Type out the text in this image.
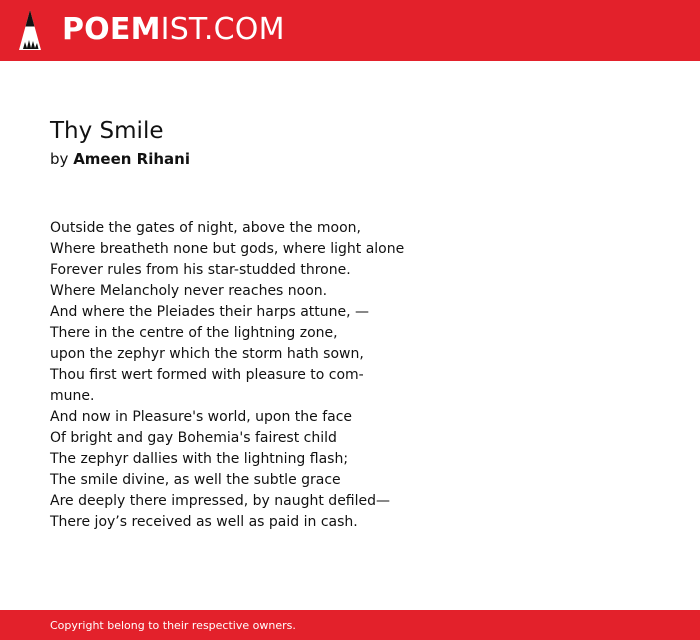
POEMIST.COM
Thy Smile

by Ameen Rihani

Outside the gates of night, above the moon,
Where breatheth none but gods, where light alone
Forever rules from his star-studded throne.
Where Melancholy never reaches noon.
And where the Pleiades their harps attune, —
There in the centre of the lightning zone,
upon the zephyr which the storm hath sown,
Thou first wert formed with pleasure to com-
mune.
And now in Pleasure's world, upon the face
Of bright and gay Bohemia's fairest child
The zephyr dallies with the lightning flash;
The smile divine, as well the subtle grace
Are deeply there impressed, by naught defiled—
There joy’s received as well as paid in cash.
Copyright belong to their respective owners.
